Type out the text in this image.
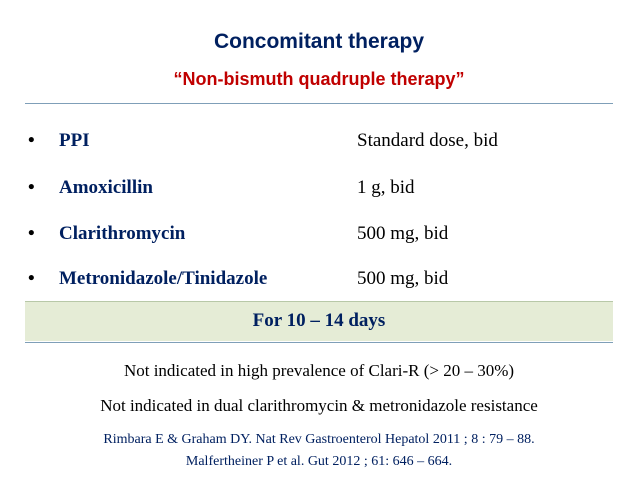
Concomitant therapy
“Non-bismuth quadruple therapy”
• PPI	Standard dose, bid
• Amoxicillin	1 g, bid
• Clarithromycin	500 mg, bid
• Metronidazole/Tinidazole	500 mg, bid
For 10 – 14 days
Not indicated in high prevalence of Clari-R (> 20 – 30%)
Not indicated in dual clarithromycin & metronidazole resistance
Rimbara E & Graham DY. Nat Rev Gastroenterol Hepatol 2011 ; 8 : 79 – 88.
Malfertheiner P et al. Gut 2012 ; 61: 646 – 664.
